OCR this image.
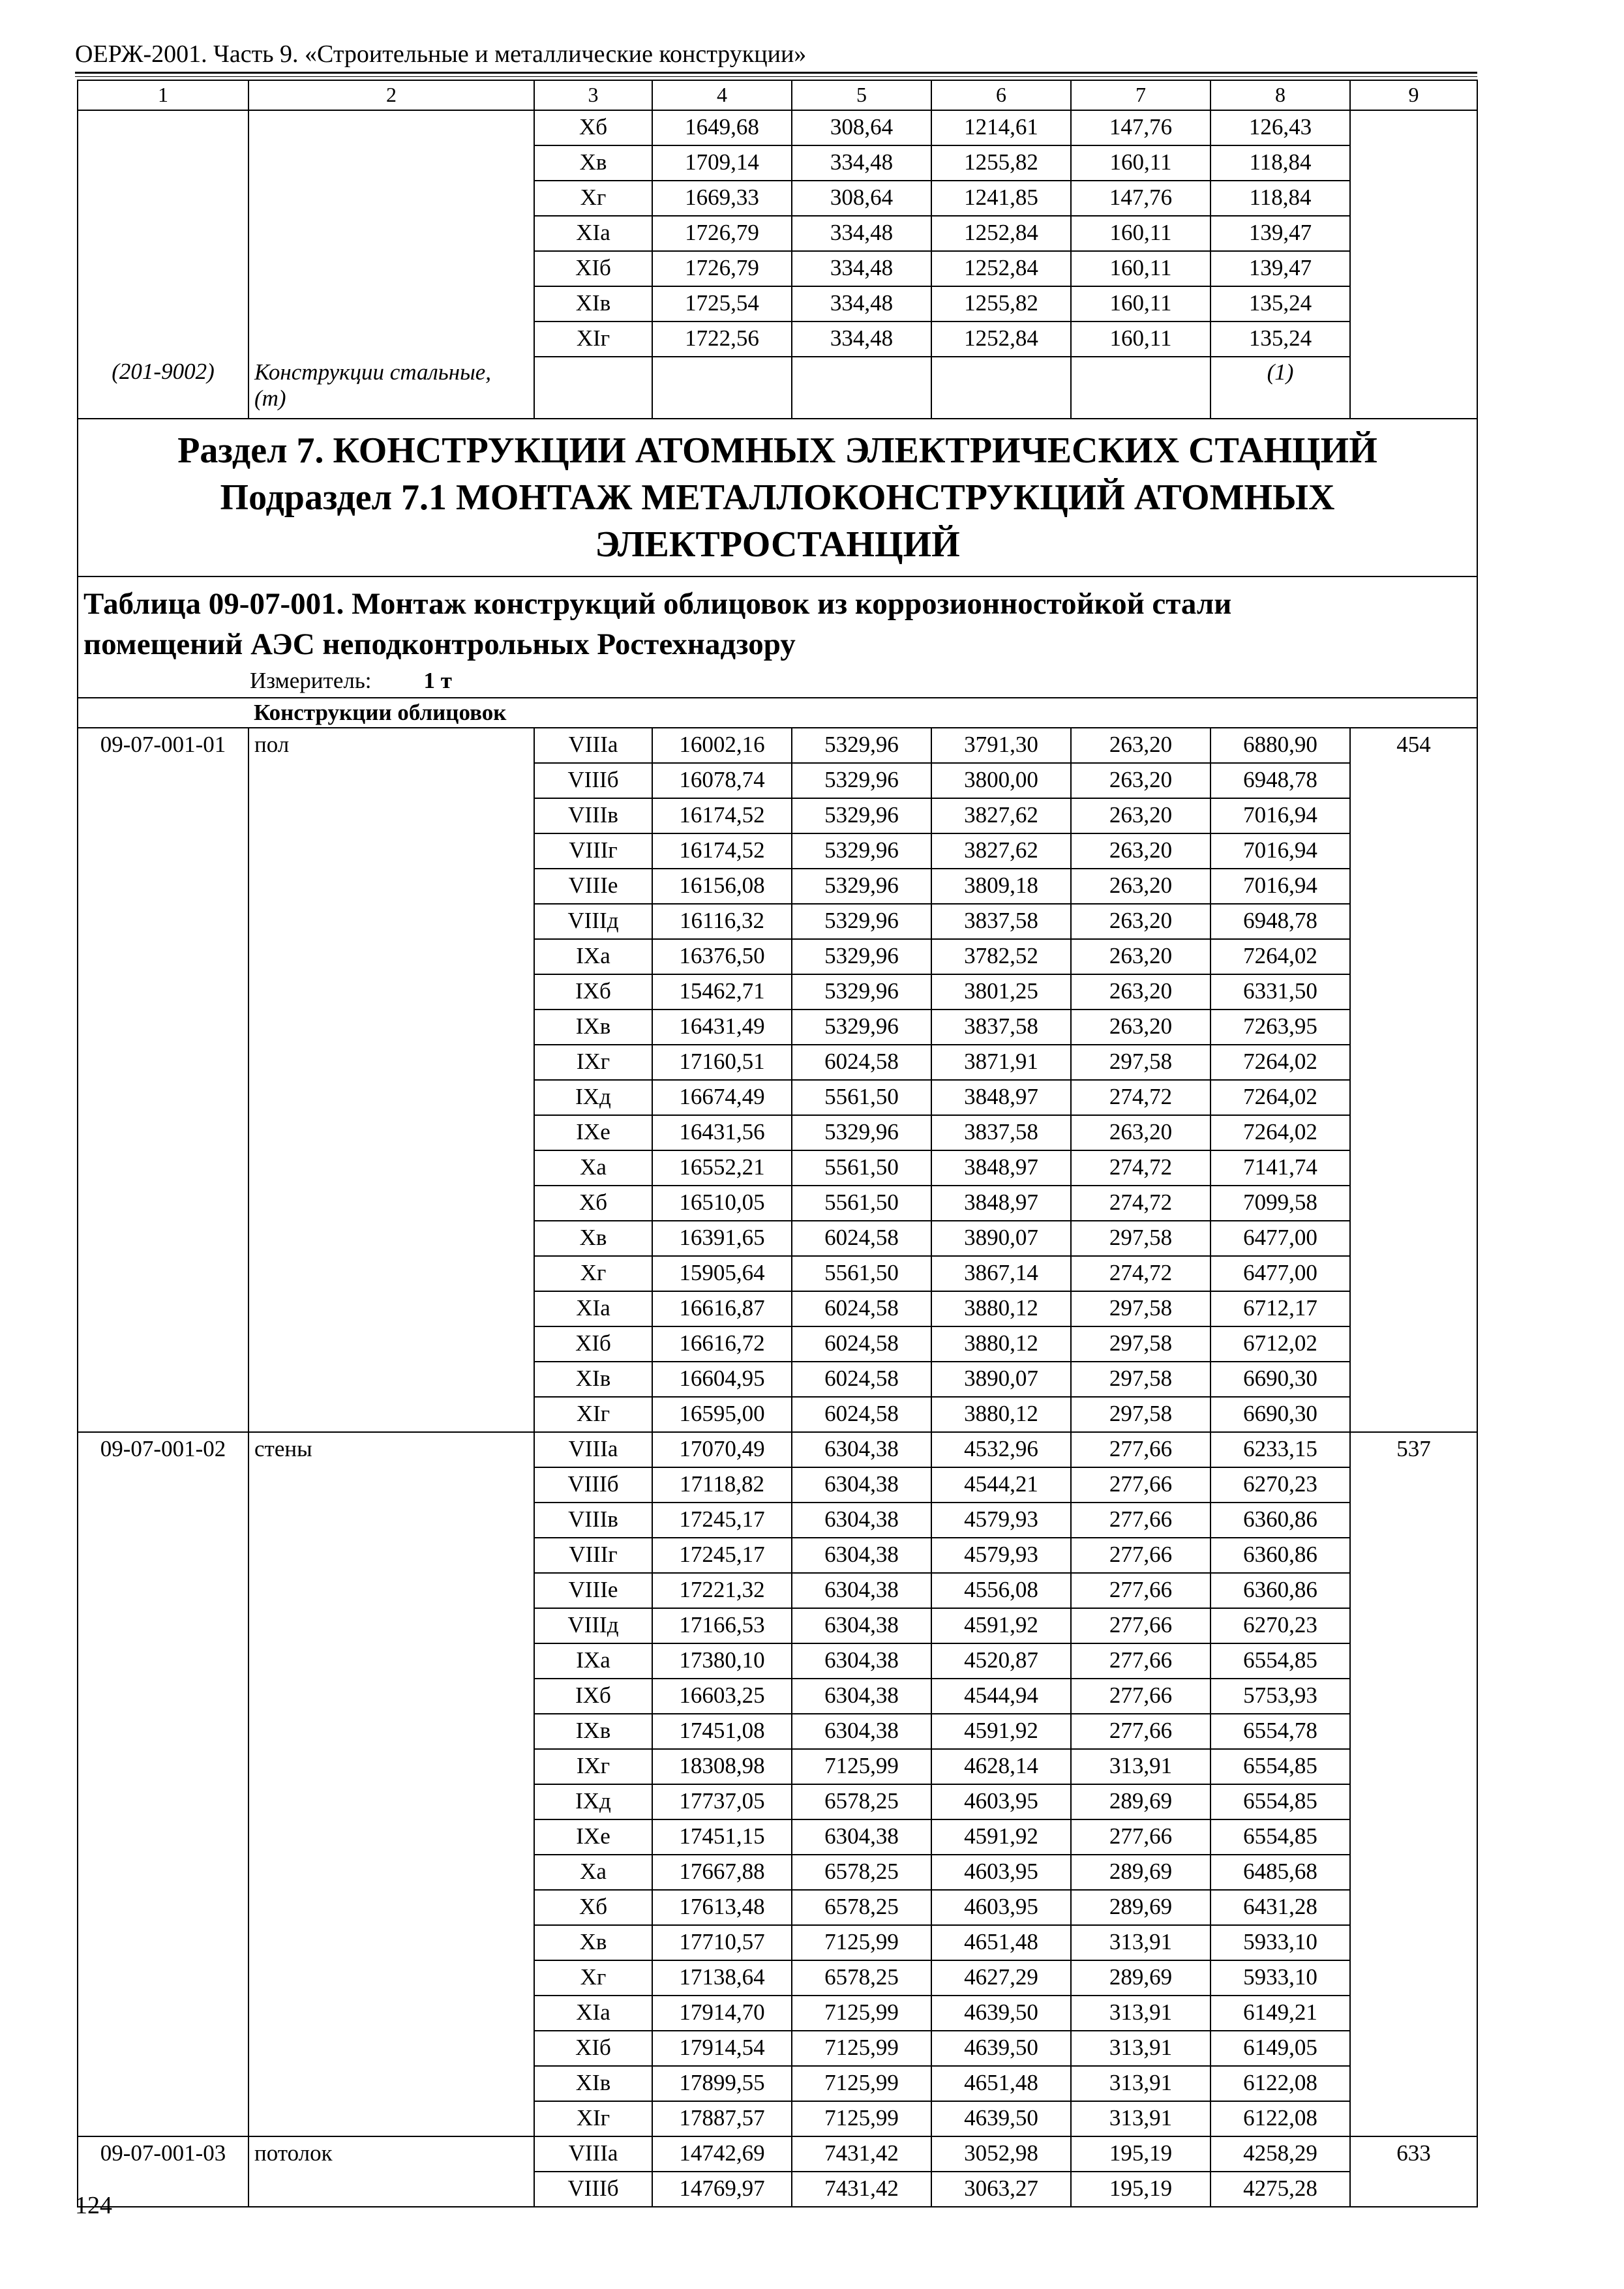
ОЕРЖ-2001. Часть 9. «Строительные и металлические конструкции»
1	2	3	4	5	6	7	8	9
		Xб	1649,68	308,64	1214,61	147,76	126,43	
		Xв	1709,14	334,48	1255,82	160,11	118,84	
		Xг	1669,33	308,64	1241,85	147,76	118,84	
		XIа	1726,79	334,48	1252,84	160,11	139,47	
		XIб	1726,79	334,48	1252,84	160,11	139,47	
		XIв	1725,54	334,48	1255,82	160,11	135,24	
		XIг	1722,56	334,48	1252,84	160,11	135,24	
(201-9002)	Конструкции стальные, (т)						(1)	

Раздел 7. КОНСТРУКЦИИ АТОМНЫХ ЭЛЕКТРИЧЕСКИХ СТАНЦИЙ
Подраздел 7.1 МОНТАЖ МЕТАЛЛОКОНСТРУКЦИЙ АТОМНЫХ ЭЛЕКТРОСТАНЦИЙ								

Таблица 09-07-001. Монтаж конструкций облицовок из коррозионностойкой стали помещений АЭС неподконтрольных Ростехнадзору
Измеритель: 1 т								

	Конструкции облицовок							
09-07-001-01	пол	VIIIа	16002,16	5329,96	3791,30	263,20	6880,90	454
		VIIIб	16078,74	5329,96	3800,00	263,20	6948,78	
		VIIIв	16174,52	5329,96	3827,62	263,20	7016,94	
		VIIIг	16174,52	5329,96	3827,62	263,20	7016,94	
		VIIIе	16156,08	5329,96	3809,18	263,20	7016,94	
		VIIIд	16116,32	5329,96	3837,58	263,20	6948,78	
		IXа	16376,50	5329,96	3782,52	263,20	7264,02	
		IXб	15462,71	5329,96	3801,25	263,20	6331,50	
		IXв	16431,49	5329,96	3837,58	263,20	7263,95	
		IXг	17160,51	6024,58	3871,91	297,58	7264,02	
		IXд	16674,49	5561,50	3848,97	274,72	7264,02	
		IXе	16431,56	5329,96	3837,58	263,20	7264,02	
		Xа	16552,21	5561,50	3848,97	274,72	7141,74	
		Xб	16510,05	5561,50	3848,97	274,72	7099,58	
		Xв	16391,65	6024,58	3890,07	297,58	6477,00	
		Xг	15905,64	5561,50	3867,14	274,72	6477,00	
		XIа	16616,87	6024,58	3880,12	297,58	6712,17	
		XIб	16616,72	6024,58	3880,12	297,58	6712,02	
		XIв	16604,95	6024,58	3890,07	297,58	6690,30	
		XIг	16595,00	6024,58	3880,12	297,58	6690,30	
09-07-001-02	стены	VIIIа	17070,49	6304,38	4532,96	277,66	6233,15	537
		VIIIб	17118,82	6304,38	4544,21	277,66	6270,23	
		VIIIв	17245,17	6304,38	4579,93	277,66	6360,86	
		VIIIг	17245,17	6304,38	4579,93	277,66	6360,86	
		VIIIе	17221,32	6304,38	4556,08	277,66	6360,86	
		VIIIд	17166,53	6304,38	4591,92	277,66	6270,23	
		IXа	17380,10	6304,38	4520,87	277,66	6554,85	
		IXб	16603,25	6304,38	4544,94	277,66	5753,93	
		IXв	17451,08	6304,38	4591,92	277,66	6554,78	
		IXг	18308,98	7125,99	4628,14	313,91	6554,85	
		IXд	17737,05	6578,25	4603,95	289,69	6554,85	
		IXе	17451,15	6304,38	4591,92	277,66	6554,85	
		Xа	17667,88	6578,25	4603,95	289,69	6485,68	
		Xб	17613,48	6578,25	4603,95	289,69	6431,28	
		Xв	17710,57	7125,99	4651,48	313,91	5933,10	
		Xг	17138,64	6578,25	4627,29	289,69	5933,10	
		XIа	17914,70	7125,99	4639,50	313,91	6149,21	
		XIб	17914,54	7125,99	4639,50	313,91	6149,05	
		XIв	17899,55	7125,99	4651,48	313,91	6122,08	
		XIг	17887,57	7125,99	4639,50	313,91	6122,08	
09-07-001-03	потолок	VIIIа	14742,69	7431,42	3052,98	195,19	4258,29	633
		VIIIб	14769,97	7431,42	3063,27	195,19	4275,28	
124
